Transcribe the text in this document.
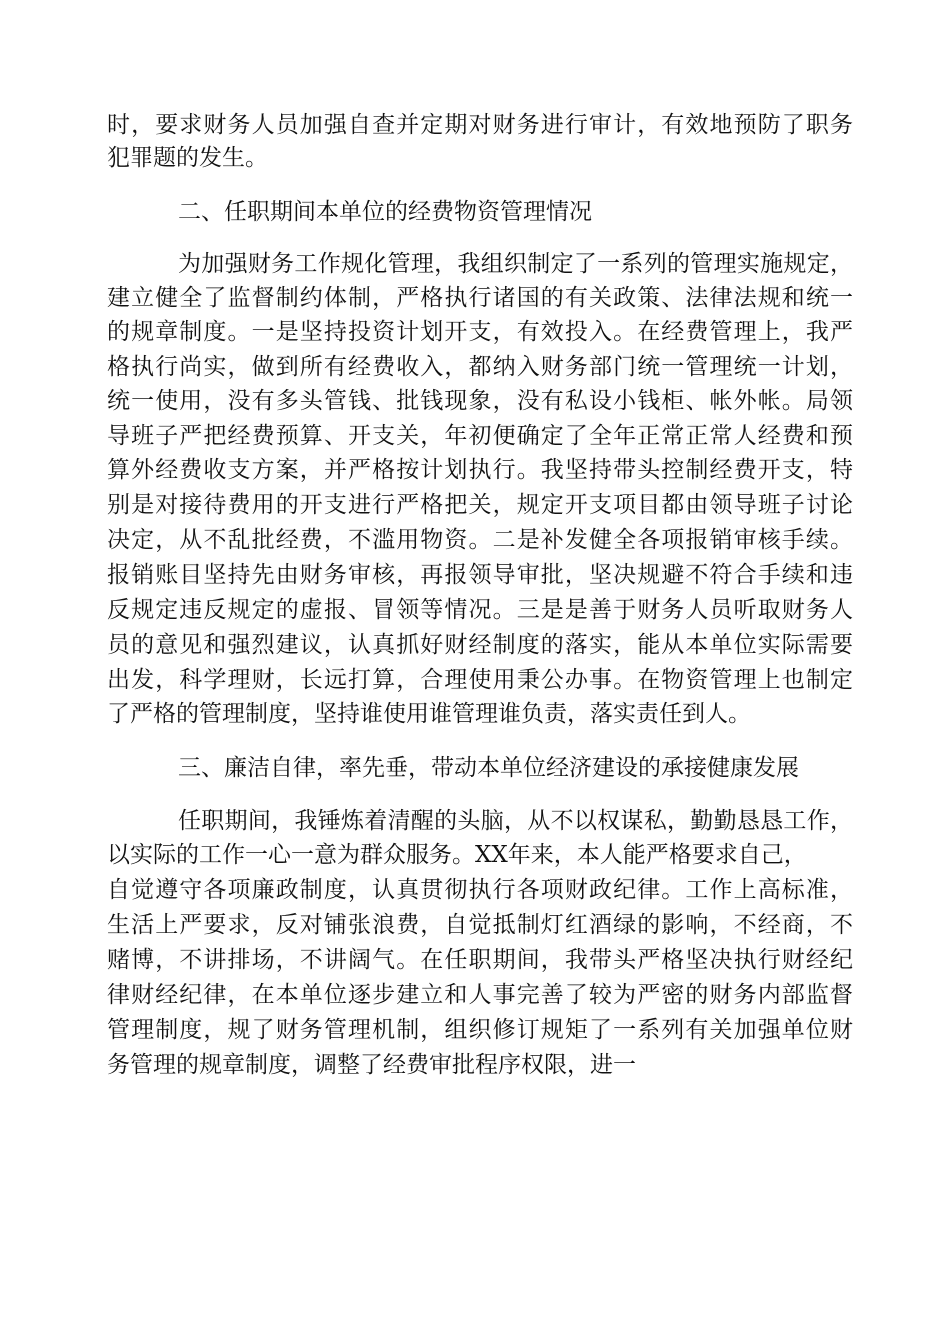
时，要求财务人员加强自查并定期对财务进行审计，有效地预防了职务
犯罪题的发生。
二、任职期间本单位的经费物资管理情况
为加强财务工作规化管理，我组织制定了一系列的管理实施规定，
建立健全了监督制约体制，严格执行诸国的有关政策、法律法规和统一
的规章制度。一是坚持投资计划开支，有效投入。在经费管理上，我严
格执行尚实，做到所有经费收入，都纳入财务部门统一管理统一计划，
统一使用，没有多头管钱、批钱现象，没有私设小钱柜、帐外帐。局领
导班子严把经费预算、开支关，年初便确定了全年正常正常人经费和预
算外经费收支方案，并严格按计划执行。我坚持带头控制经费开支，特
别是对接待费用的开支进行严格把关，规定开支项目都由领导班子讨论
决定，从不乱批经费，不滥用物资。二是补发健全各项报销审核手续。
报销账目坚持先由财务审核，再报领导审批，坚决规避不符合手续和违
反规定违反规定的虚报、冒领等情况。三是是善于财务人员听取财务人
员的意见和强烈建议，认真抓好财经制度的落实，能从本单位实际需要
出发，科学理财，长远打算，合理使用秉公办事。在物资管理上也制定
了严格的管理制度，坚持谁使用谁管理谁负责，落实责任到人。
三、廉洁自律，率先垂，带动本单位经济建设的承接健康发展
任职期间，我锤炼着清醒的头脑，从不以权谋私，勤勤恳恳工作，
以实际的工作一心一意为群众服务。XX年来，本人能严格要求自己，
自觉遵守各项廉政制度，认真贯彻执行各项财政纪律。工作上高标准，
生活上严要求，反对铺张浪费，自觉抵制灯红酒绿的影响，不经商，不
赌博，不讲排场，不讲阔气。在任职期间，我带头严格坚决执行财经纪
律财经纪律，在本单位逐步建立和人事完善了较为严密的财务内部监督
管理制度，规了财务管理机制，组织修订规矩了一系列有关加强单位财
务管理的规章制度，调整了经费审批程序权限，进一
